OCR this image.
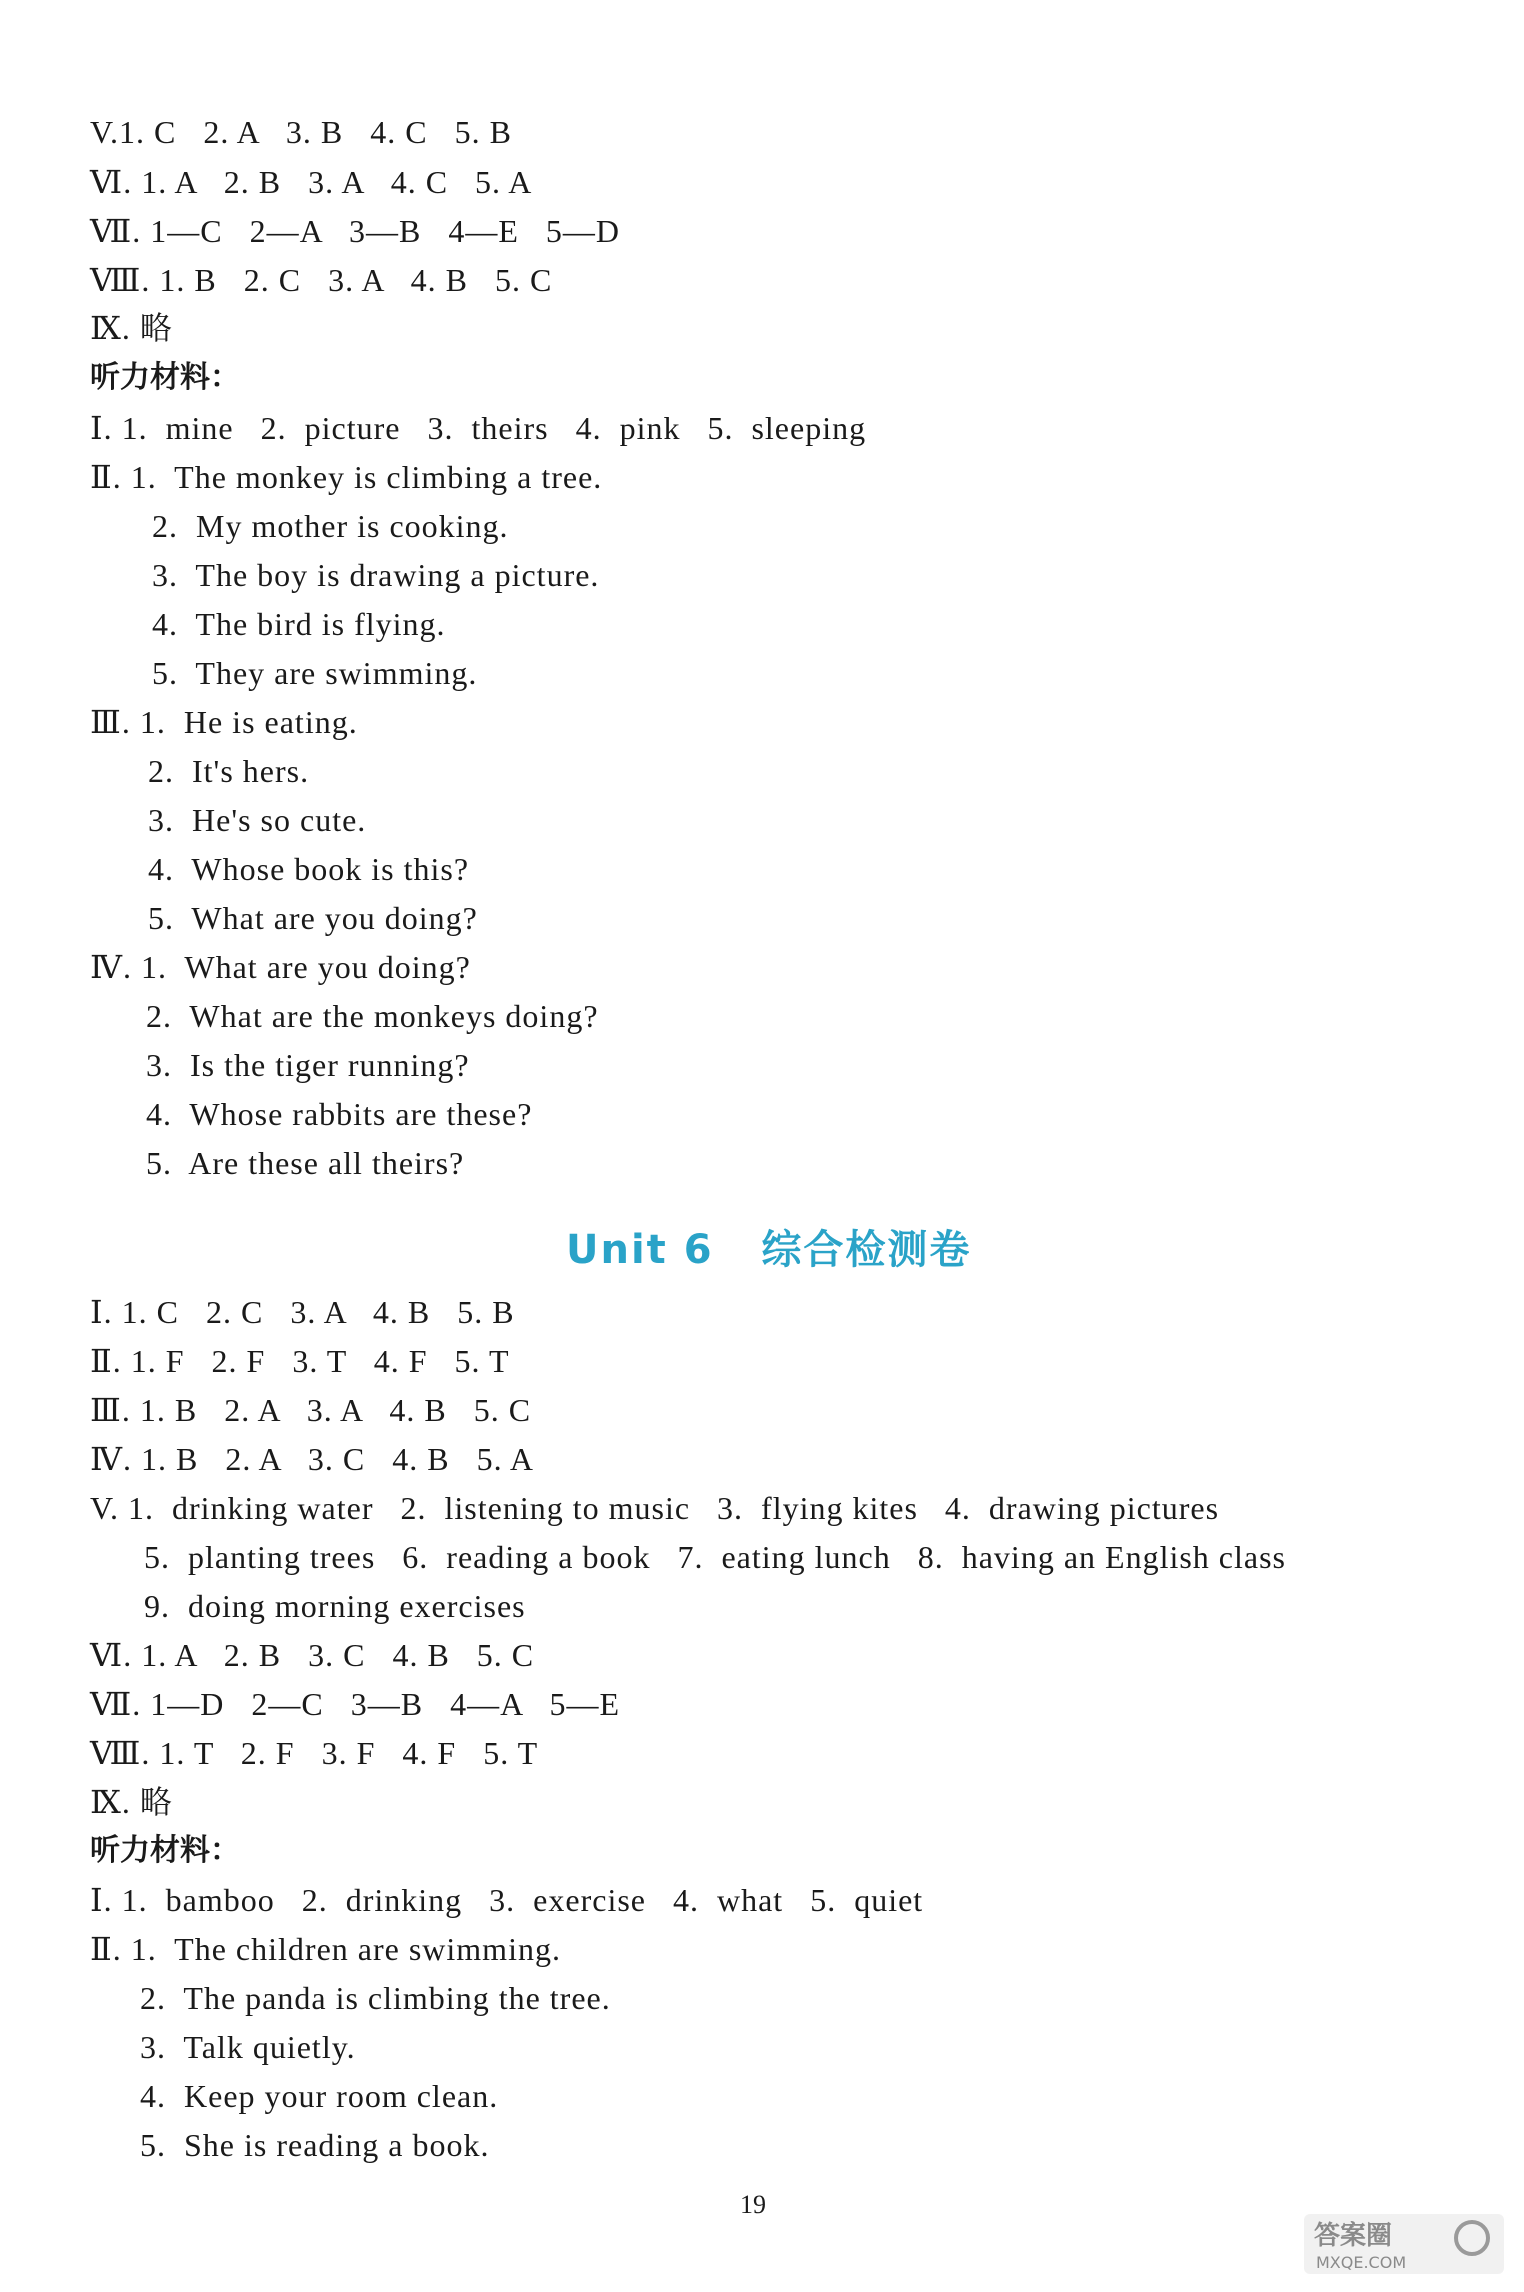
V.1. C   2. A   3. B   4. C   5. B
Ⅵ. 1. A   2. B   3. A   4. C   5. A
Ⅶ. 1—C   2—A   3—B   4—E   5—D
Ⅷ. 1. B   2. C   3. A   4. B   5. C
Ⅸ. 略
听力材料：
Ⅰ. 1.  mine   2.  picture   3.  theirs   4.  pink   5.  sleeping
Ⅱ. 1.  The monkey is climbing a tree.
2.  My mother is cooking.
3.  The boy is drawing a picture.
4.  The bird is flying.
5.  They are swimming.
Ⅲ. 1.  He is eating.
2.  It's hers.
3.  He's so cute.
4.  Whose book is this?
5.  What are you doing?
Ⅳ. 1.  What are you doing?
2.  What are the monkeys doing?
3.  Is the tiger running?
4.  Whose rabbits are these?
5.  Are these all theirs?
Unit 6   综合检测卷
Ⅰ. 1. C   2. C   3. A   4. B   5. B
Ⅱ. 1. F   2. F   3. T   4. F   5. T
Ⅲ. 1. B   2. A   3. A   4. B   5. C
Ⅳ. 1. B   2. A   3. C   4. B   5. A
V. 1.  drinking water   2.  listening to music   3.  flying kites   4.  drawing pictures
5.  planting trees   6.  reading a book   7.  eating lunch   8.  having an English class
9.  doing morning exercises
Ⅵ. 1. A   2. B   3. C   4. B   5. C
Ⅶ. 1—D   2—C   3—B   4—A   5—E
Ⅷ. 1. T   2. F   3. F   4. F   5. T
Ⅸ. 略
听力材料：
Ⅰ. 1.  bamboo   2.  drinking   3.  exercise   4.  what   5.  quiet
Ⅱ. 1.  The children are swimming.
2.  The panda is climbing the tree.
3.  Talk quietly.
4.  Keep your room clean.
5.  She is reading a book.
19
答案圈
MXQE.COM
